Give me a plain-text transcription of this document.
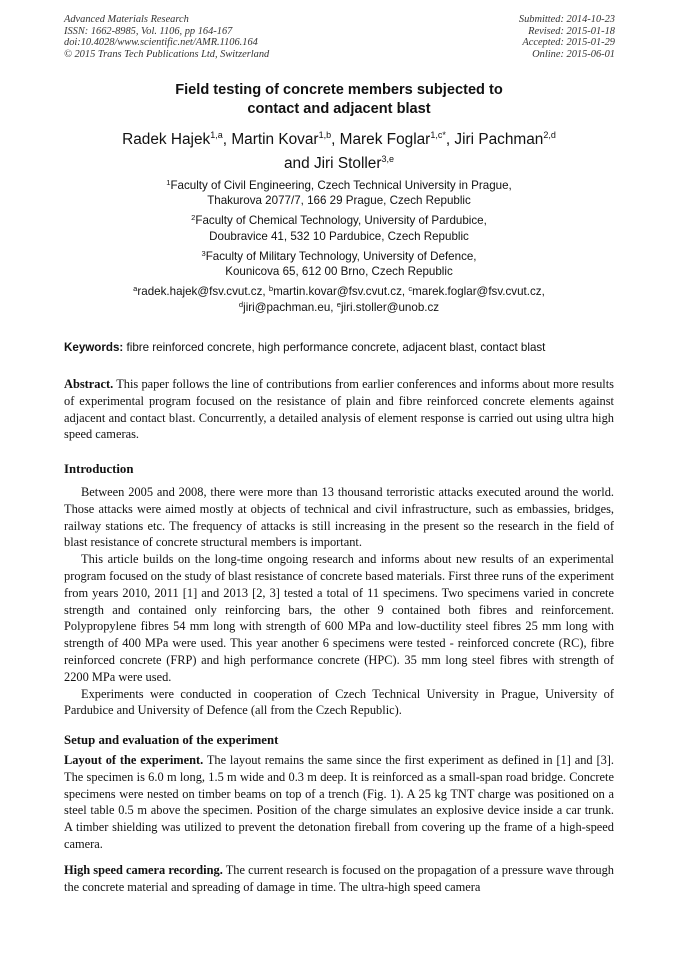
Advanced Materials Research
ISSN: 1662-8985, Vol. 1106, pp 164-167
doi:10.4028/www.scientific.net/AMR.1106.164
© 2015 Trans Tech Publications Ltd, Switzerland
Submitted: 2014-10-23
Revised: 2015-01-18
Accepted: 2015-01-29
Online: 2015-06-01
Field testing of concrete members subjected to
contact and adjacent blast
Radek Hajek$^{1,a}$, Martin Kovar$^{1,b}$, Marek Foglar$^{1,c*}$, Jiri Pachman$^{2,d}$
and Jiri Stoller$^{3,e}$
$^1$Faculty of Civil Engineering, Czech Technical University in Prague,
Thakurova 2077/7, 166 29 Prague, Czech Republic
$^2$Faculty of Chemical Technology, University of Pardubice,
Doubravice 41, 532 10 Pardubice, Czech Republic
$^3$Faculty of Military Technology, University of Defence,
Kounicova 65, 612 00 Brno, Czech Republic
$^a$radek.hajek@fsv.cvut.cz, $^b$martin.kovar@fsv.cvut.cz, $^c$marek.foglar@fsv.cvut.cz,
$^d$jiri@pachman.eu, $^e$jiri.stoller@unob.cz
Keywords: fibre reinforced concrete, high performance concrete, adjacent blast, contact blast

Abstract. This paper follows the line of contributions from earlier conferences and informs about more results of experimental program focused on the resistance of plain and fibre reinforced concrete elements against adjacent and contact blast. Concurrently, a detailed analysis of element response is carried out using ultra high speed cameras.

Introduction

Between 2005 and 2008, there were more than 13 thousand terroristic attacks executed around the world. Those attacks were aimed mostly at objects of technical and civil infrastructure, such as embassies, bridges, railway stations etc. The frequency of attacks is still increasing in the present so the research in the field of blast resistance of concrete structural members is important.

This article builds on the long-time ongoing research and informs about new results of an experimental program focused on the study of blast resistance of concrete based materials. First three runs of the experiment from years 2010, 2011 [1] and 2013 [2, 3] tested a total of 11 specimens. Two specimens varied in concrete strength and contained only reinforcing bars, the other 9 contained both fibres and reinforcement. Polypropylene fibres 54 mm long with strength of 600 MPa and low-ductility steel fibres 25 mm long with strength of 400 MPa were used. This year another 6 specimens were tested - reinforced concrete (RC), fibre reinforced concrete (FRP) and high performance concrete (HPC). 35 mm long steel fibres with strength of 2200 MPa were used.

Experiments were conducted in cooperation of Czech Technical University in Prague, University of Pardubice and University of Defence (all from the Czech Republic).

Setup and evaluation of the experiment

Layout of the experiment. The layout remains the same since the first experiment as defined in [1] and [3]. The specimen is 6.0 m long, 1.5 m wide and 0.3 m deep. It is reinforced as a small-span road bridge. Concrete specimens were nested on timber beams on top of a trench (Fig. 1). A 25 kg TNT charge was positioned on a steel table 0.5 m above the specimen. Position of the charge simulates an explosive device inside a car trunk. A timber shielding was utilized to prevent the detonation fireball from covering up the frame of a high-speed camera.

High speed camera recording. The current research is focused on the propagation of a pressure wave through the concrete material and spreading of damage in time. The ultra-high speed camera
